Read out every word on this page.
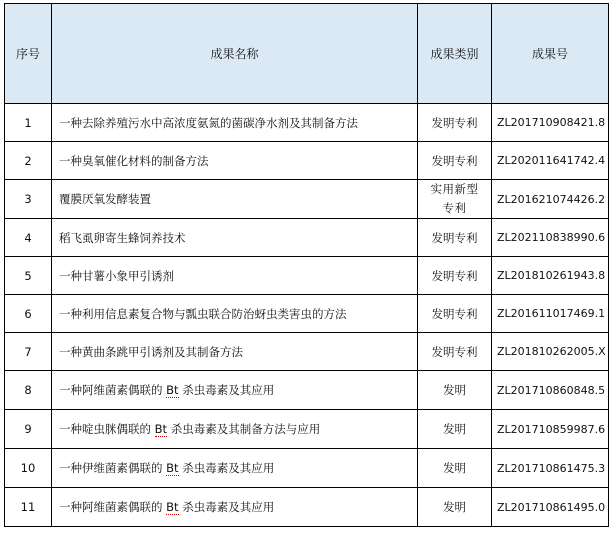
序号	成果名称	成果类别	成果号
1	一种去除养殖污水中高浓度氨氮的菌碳净水剂及其制备方法	发明专利	ZL201710908421.8
2	一种臭氧催化材料的制备方法	发明专利	ZL202011641742.4
3	覆膜厌氧发酵装置	实用新型专利	ZL201621074426.2
4	稻飞虱卵寄生蜂饲养技术	发明专利	ZL202110838990.6
5	一种甘薯小象甲引诱剂	发明专利	ZL201810261943.8
6	一种利用信息素复合物与瓢虫联合防治蚜虫类害虫的方法	发明专利	ZL201611017469.1
7	一种黄曲条跳甲引诱剂及其制备方法	发明专利	ZL201810262005.X
8	一种阿维菌素偶联的 Bt 杀虫毒素及其应用	发明	ZL201710860848.5
9	一种啶虫脒偶联的 Bt 杀虫毒素及其制备方法与应用	发明	ZL201710859987.6
10	一种伊维菌素偶联的 Bt 杀虫毒素及其应用	发明	ZL201710861475.3
11	一种阿维菌素偶联的 Bt 杀虫毒素及其应用	发明	ZL201710861495.0
